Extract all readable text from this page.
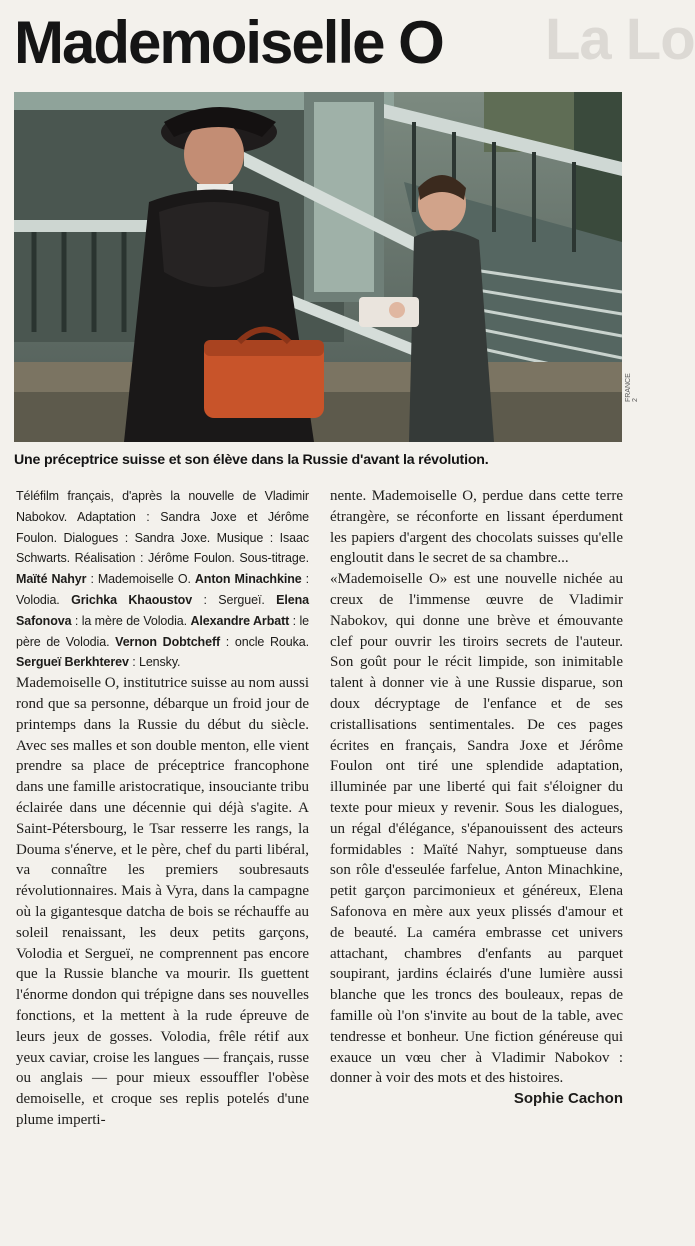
La Lo
Mademoiselle O
FRANCE 2

Une préceptrice suisse et son élève dans la Russie d'avant la révolution.

Téléfilm français, d'après la nouvelle de Vladimir Nabokov. Adaptation : Sandra Joxe et Jérôme Foulon. Dialogues : Sandra Joxe. Musique : Isaac Schwarts. Réalisation : Jérôme Foulon. Sous-titrage. Maïté Nahyr : Mademoiselle O. Anton Minachkine : Volodia. Grichka Khaoustov : Sergueï. Elena Safonova : la mère de Volodia. Alexandre Arbatt : le père de Volodia. Vernon Dobtcheff : oncle Rouka. Sergueï Berkhterev : Lensky.

Mademoiselle O, institutrice suisse au nom aussi rond que sa personne, débarque un froid jour de printemps dans la Russie du début du siècle. Avec ses malles et son double menton, elle vient prendre sa place de préceptrice francophone dans une famille aristocratique, insouciante tribu éclairée dans une décennie qui déjà s'agite. A Saint-Pétersbourg, le Tsar resserre les rangs, la Douma s'énerve, et le père, chef du parti libéral, va connaître les premiers soubresauts révolutionnaires. Mais à Vyra, dans la campagne où la gigantesque datcha de bois se réchauffe au soleil renaissant, les deux petits garçons, Volodia et Sergueï, ne comprennent pas encore que la Russie blanche va mourir. Ils guettent l'énorme dondon qui trépigne dans ses nouvelles fonctions, et la mettent à la rude épreuve de leurs jeux de gosses. Volodia, frêle rétif aux yeux caviar, croise les langues — français, russe ou anglais — pour mieux essouffler l'obèse demoiselle, et croque ses replis potelés d'une plume imperti-

nente. Mademoiselle O, perdue dans cette terre étrangère, se réconforte en lissant éperdument les papiers d'argent des chocolats suisses qu'elle engloutit dans le secret de sa chambre...

«Mademoiselle O» est une nouvelle nichée au creux de l'immense œuvre de Vladimir Nabokov, qui donne une brève et émouvante clef pour ouvrir les tiroirs secrets de l'auteur. Son goût pour le récit limpide, son inimitable talent à donner vie à une Russie disparue, son doux décryptage de l'enfance et de ses cristallisations sentimentales. De ces pages écrites en français, Sandra Joxe et Jérôme Foulon ont tiré une splendide adaptation, illuminée par une liberté qui fait s'éloigner du texte pour mieux y revenir. Sous les dialogues, un régal d'élégance, s'épanouissent des acteurs formidables : Maïté Nahyr, somptueuse dans son rôle d'esseulée farfelue, Anton Minachkine, petit garçon parcimonieux et généreux, Elena Safonova en mère aux yeux plissés d'amour et de beauté. La caméra embrasse cet univers attachant, chambres d'enfants au parquet soupirant, jardins éclairés d'une lumière aussi blanche que les troncs des bouleaux, repas de famille où l'on s'invite au bout de la table, avec tendresse et bonheur. Une fiction généreuse qui exauce un vœu cher à Vladimir Nabokov : donner à voir des mots et des histoires.
Sophie Cachon
